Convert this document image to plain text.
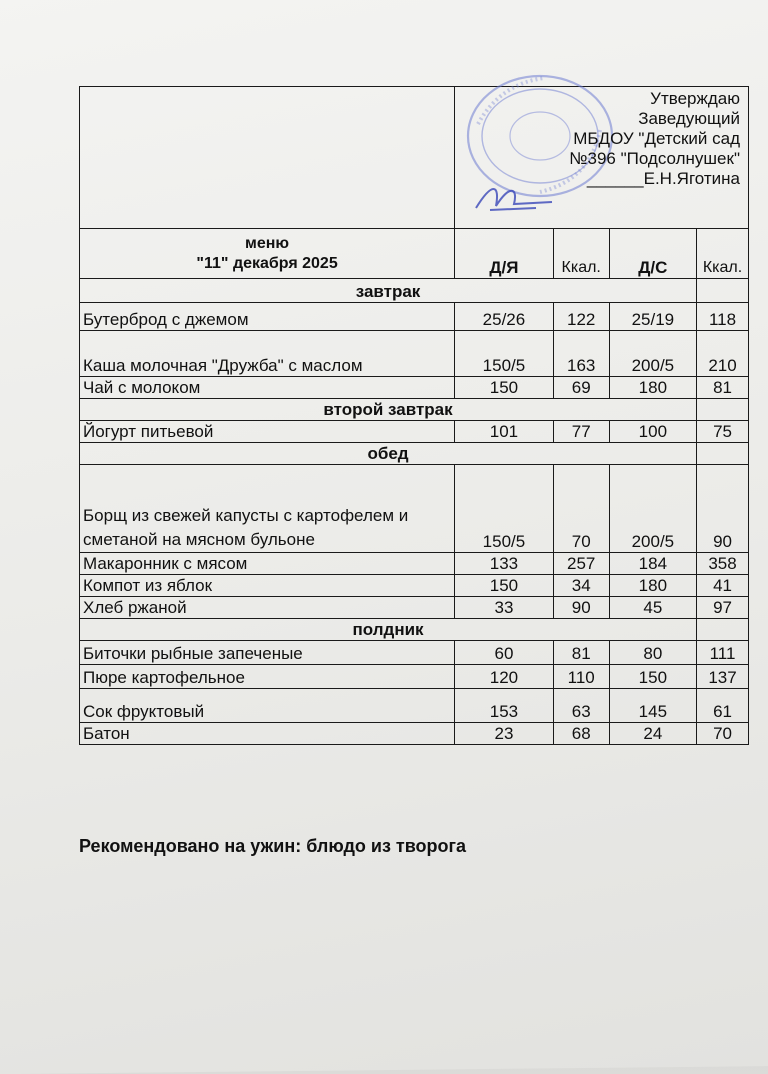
	Утверждаю
Заведующий
МБДОУ "Детский сад
№396 "Подсолнушек"
______Е.Н.Яготина			

меню
"11" декабря 2025	Д/Я	Ккал.	Д/С	Ккал.
завтрак				
Бутерброд с джемом	25/26	122	25/19	118
Каша молочная "Дружба" с маслом	150/5	163	200/5	210
Чай с молоком	150	69	180	81
второй завтрак				
Йогурт питьевой	101	77	100	75
обед				
Борщ из свежей капусты с картофелем и сметаной на мясном бульоне	150/5	70	200/5	90
Макаронник с мясом	133	257	184	358
Компот из яблок	150	34	180	41
Хлеб ржаной	33	90	45	97
полдник				
Биточки рыбные запеченые	60	81	80	111
Пюре картофельное	120	110	150	137
Сок фруктовый	153	63	145	61
Батон	23	68	24	70
Рекомендовано на ужин: блюдо из творога
